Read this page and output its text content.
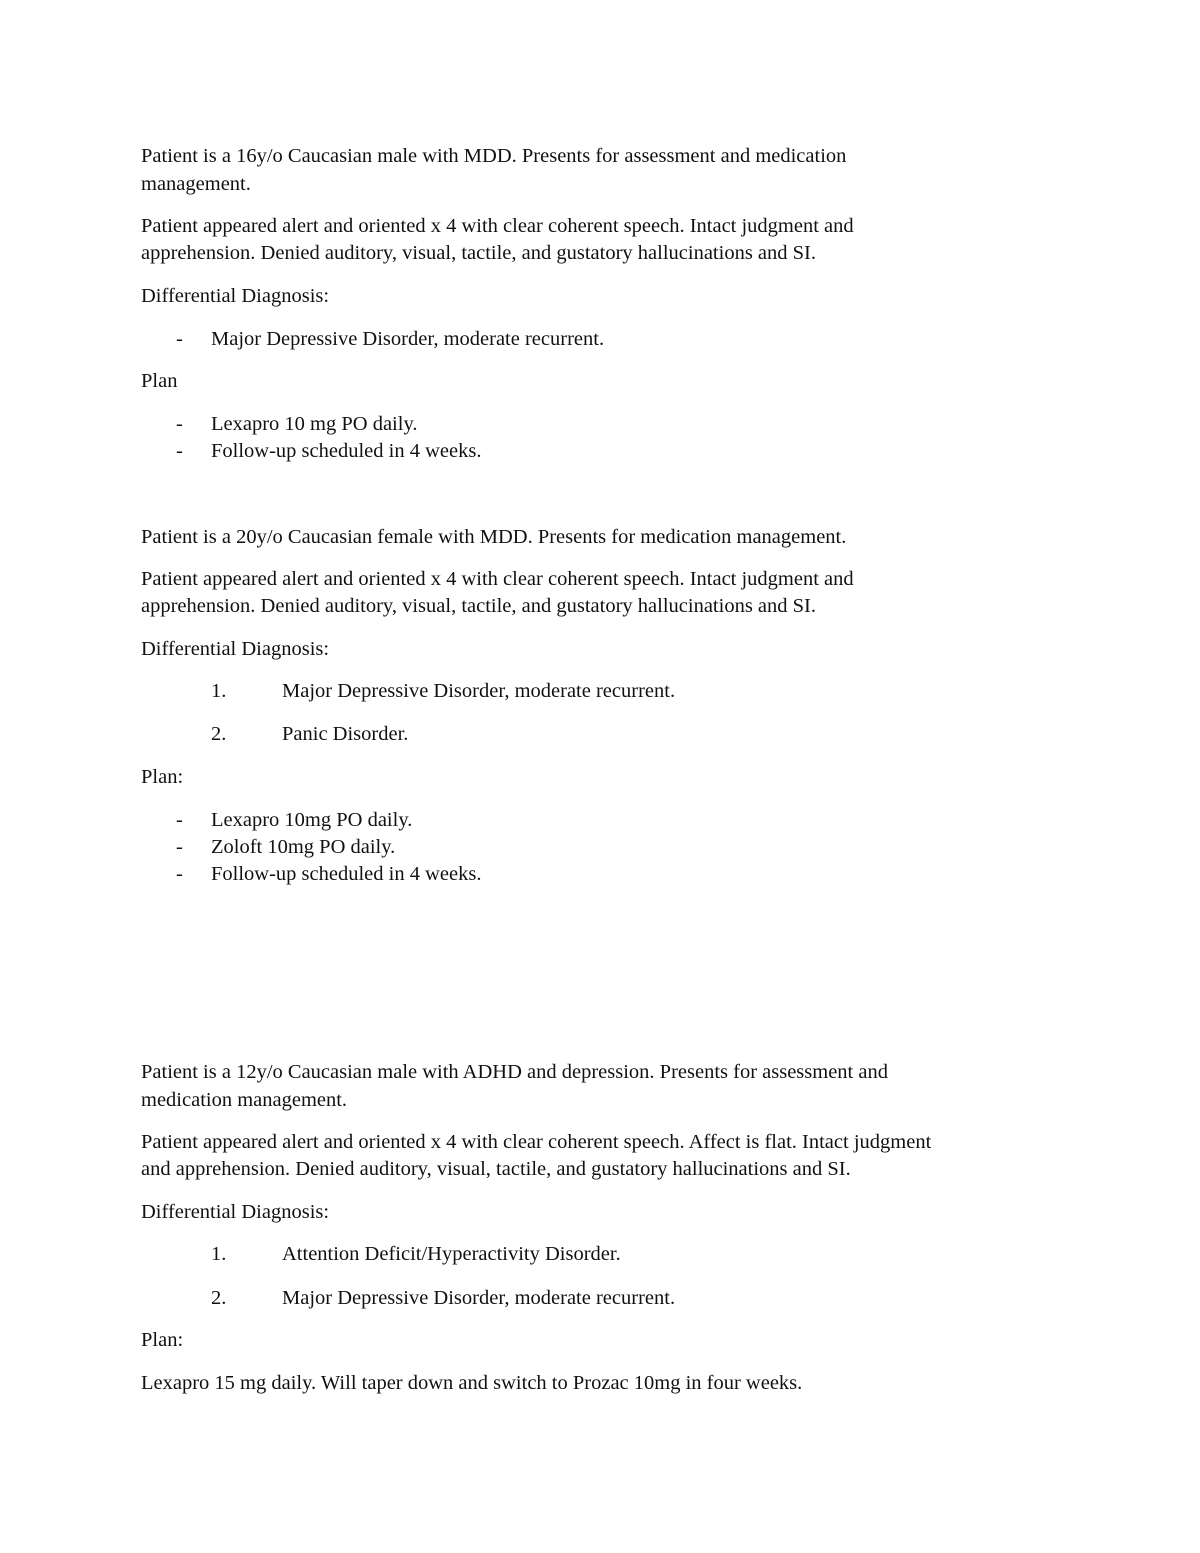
Patient is a 16y/o Caucasian male with MDD. Presents for assessment and medication
management.
Patient appeared alert and oriented x 4 with clear coherent speech. Intact judgment and
apprehension. Denied auditory, visual, tactile, and gustatory hallucinations and SI.
Differential Diagnosis:
- Major Depressive Disorder, moderate recurrent.
Plan
- Lexapro 10 mg PO daily.
- Follow-up scheduled in 4 weeks.
Patient is a 20y/o Caucasian female with MDD. Presents for medication management.
Patient appeared alert and oriented x 4 with clear coherent speech. Intact judgment and
apprehension. Denied auditory, visual, tactile, and gustatory hallucinations and SI.
Differential Diagnosis:
1.	Major Depressive Disorder, moderate recurrent.
2.	Panic Disorder.
Plan:
- Lexapro 10mg PO daily.
- Zoloft 10mg PO daily.
- Follow-up scheduled in 4 weeks.
Patient is a 12y/o Caucasian male with ADHD and depression. Presents for assessment and
medication management.
Patient appeared alert and oriented x 4 with clear coherent speech. Affect is flat. Intact judgment
and apprehension. Denied auditory, visual, tactile, and gustatory hallucinations and SI.
Differential Diagnosis:
1.	Attention Deficit/Hyperactivity Disorder.
2.	Major Depressive Disorder, moderate recurrent.
Plan:
Lexapro 15 mg daily. Will taper down and switch to Prozac 10mg in four weeks.
